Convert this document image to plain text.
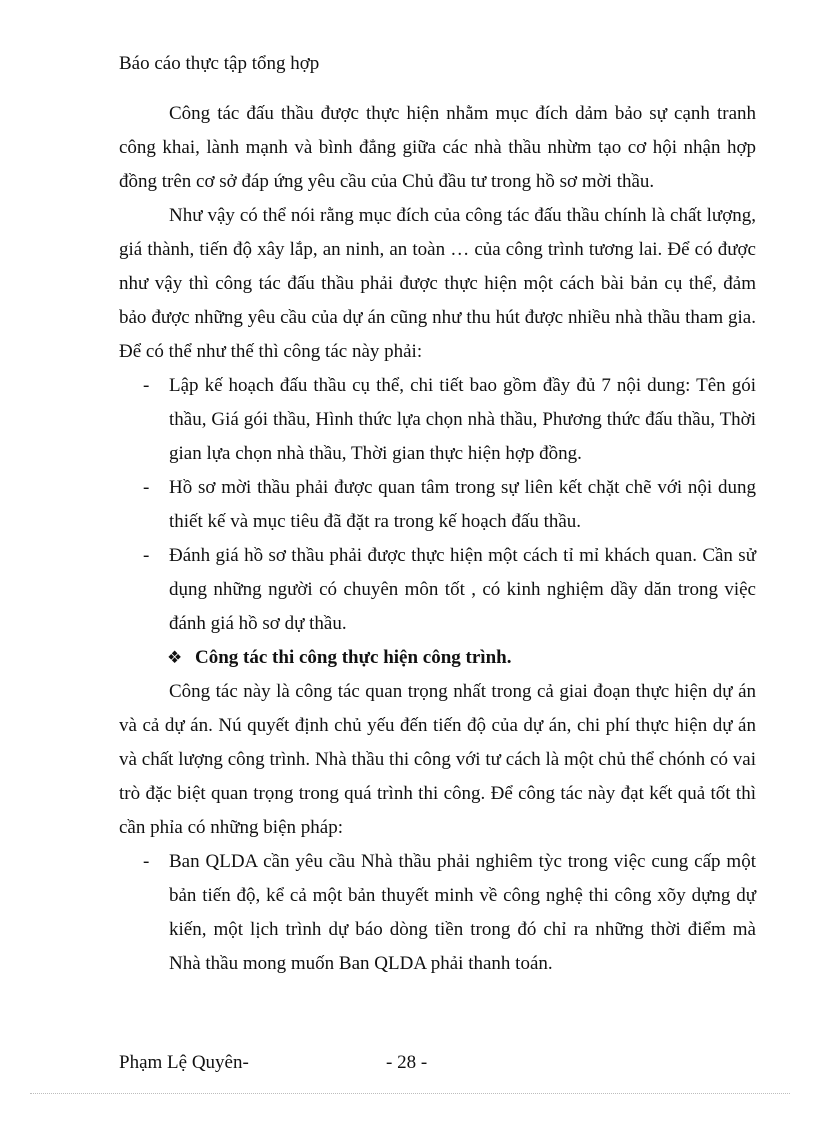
Báo cáo thực tập tổng hợp

Công tác đấu thầu được thực hiện nhằm mục đích dảm bảo sự cạnh tranh công khai, lành mạnh và bình đẳng giữa các nhà thầu nhừm tạo cơ hội nhận hợp đồng trên cơ sở đáp ứng yêu cầu của Chủ đầu tư trong hồ sơ mời thầu.

Như vậy có thể nói rằng mục đích của công tác đấu thầu chính là chất lượng, giá thành, tiến độ xây lắp, an ninh, an toàn … của công trình tương lai. Để có được như vậy thì công tác đấu thầu phải được thực hiện một cách bài bản cụ thể, đảm bảo được những yêu cầu của dự án cũng như thu hút được nhiều nhà thầu tham gia. Để có thể như thế thì công tác này phải:

- Lập kế hoạch đấu thầu cụ thể, chi tiết bao gồm đầy đủ 7 nội dung: Tên gói thầu, Giá gói thầu, Hình thức lựa chọn nhà thầu, Phương thức đấu thầu, Thời gian lựa chọn nhà thầu, Thời gian thực hiện hợp đồng.
- Hồ sơ mời thầu phải được quan tâm trong sự liên kết chặt chẽ với nội dung thiết kế và mục tiêu đã đặt ra trong kế hoạch đấu thầu.
- Đánh giá hồ sơ thầu phải được thực hiện một cách tỉ mỉ khách quan. Cần sử dụng những người có chuyên môn tốt , có kinh nghiệm dầy dăn trong việc đánh giá hồ sơ dự thầu.

❖ Công tác thi công thực hiện công trình.

Công tác này là công tác quan trọng nhất trong cả giai đoạn thực hiện dự án và cả dự án. Nú quyết định chủ yếu đến tiến độ của dự án, chi phí thực hiện dự án và chất lượng công trình. Nhà thầu thi công với tư cách là một chủ thể chónh có vai trò đặc biệt quan trọng trong quá trình thi công. Để công tác này đạt kết quả tốt thì cần phỉa có những biện pháp:

- Ban QLDA cần yêu cầu Nhà thầu phải nghiêm tỳc trong việc cung cấp một bản tiến độ, kể cả một bản thuyết minh về công nghệ thi công xõy dựng dự kiến, một lịch trình dự báo dòng tiền trong đó chỉ ra những thời điểm mà Nhà thầu mong muốn Ban QLDA phải thanh toán.
Phạm Lệ Quyên-	- 28 -
